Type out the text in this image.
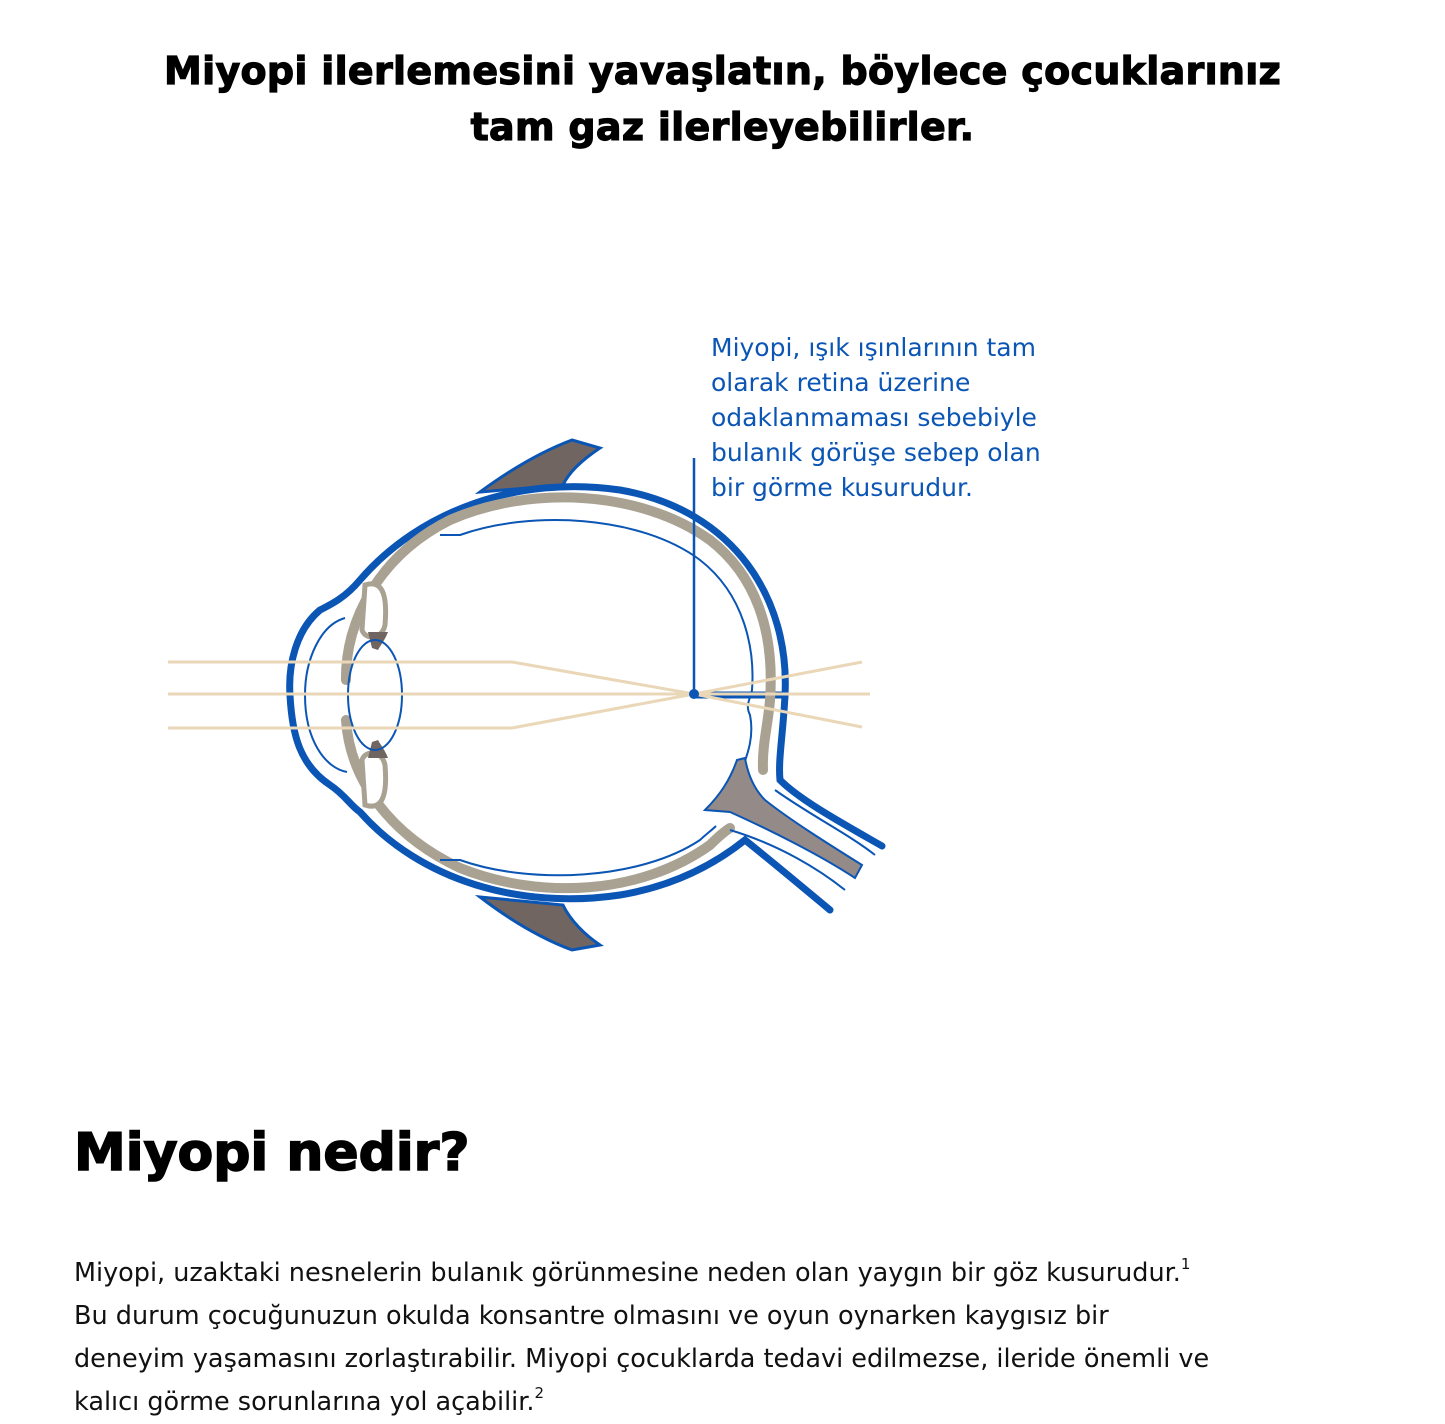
Miyopi ilerlemesini yavaşlatın, böylece çocuklarınız
tam gaz ilerleyebilirler.
Miyopi, ışık ışınlarının tam
olarak retina üzerine
odaklanmaması sebebiyle
bulanık görüşe sebep olan
bir görme kusurudur.
Miyopi nedir?

Miyopi, uzaktaki nesnelerin bulanık görünmesine neden olan yaygın bir göz kusurudur.$^1$
Bu durum çocuğunuzun okulda konsantre olmasını ve oyun oynarken kaygısız bir
deneyim yaşamasını zorlaştırabilir. Miyopi çocuklarda tedavi edilmezse, ileride önemli ve
kalıcı görme sorunlarına yol açabilir.$^2$
